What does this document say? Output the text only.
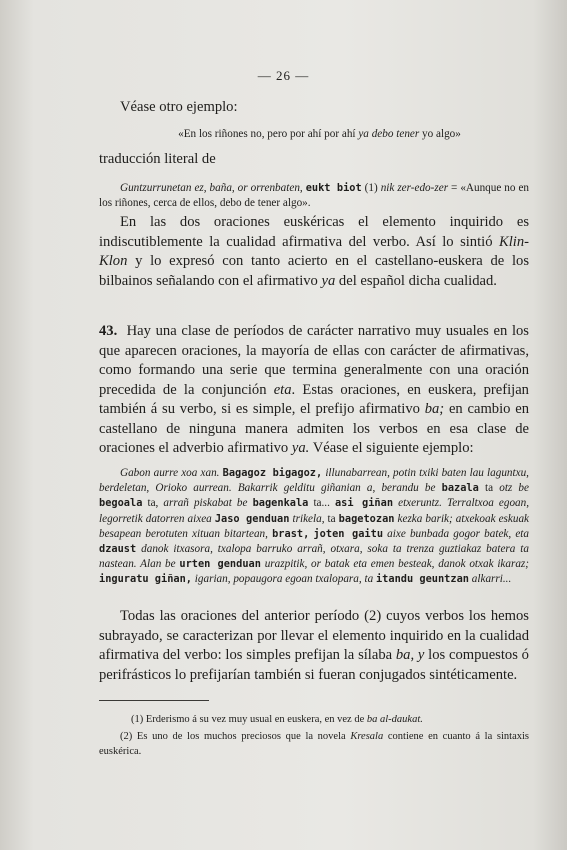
— 26 —
Véase otro ejemplo:
«En los riñones no, pero por ahí por ahí ya debo tener yo algo»
traducción literal de
Guntzurrunetan ez, baña, or orrenbaten, eukt biot (1) nik zer-edo-zer = «Aunque no en los riñones, cerca de ellos, debo de tener algo».
En las dos oraciones euskéricas el elemento inquirido es indiscutiblemente la cualidad afirmativa del verbo. Así lo sintió Klin-Klon y lo expresó con tanto acierto en el castellano-euskera de los bilbainos señalando con el afirmativo ya del español dicha cualidad.
43. Hay una clase de períodos de carácter narrativo muy usuales en los que aparecen oraciones, la mayoría de ellas con carácter de afirmativas, como formando una serie que termina generalmente con una oración precedida de la conjunción eta. Estas oraciones, en euskera, prefijan también á su verbo, si es simple, el prefijo afirmativo ba; en cambio en castellano de ninguna manera admiten los verbos en esa clase de oraciones el adverbio afirmativo ya. Véase el siguiente ejemplo:
Gabon aurre xoa xan. Bagagoz bigagoz, illunabarrean, potin txiki baten lau laguntxu, berdeletan, Orioko aurrean. Bakarrik gelditu giñanian a, berandu be bazala ta otz be begoala ta, arrañ piskabat be bagenkala ta... asi giñan etxeruntz. Terraltxoa egoan, legorretik datorren aixea Jaso genduan trikela, ta bagetozan kezka barik; atxekoak eskuak besapean berotuten xituan bitartean, brast, joten gaitu aixe bunbada gogor batek, eta dzaust danok itxasora, txalopa barruko arrañ, otxara, soka ta trenza guztiakaz batera ta nastean. Alan be urten genduan urazpitik, or batak eta emen besteak, danok otxak ikaraz; inguratu giñan, igarian, popaugora egoan txalopara, ta itandu geuntzan alkarri...
Todas las oraciones del anterior período (2) cuyos verbos los hemos subrayado, se caracterizan por llevar el elemento inquirido en la cualidad afirmativa del verbo: los simples prefijan la sílaba ba, y los compuestos ó perifrásticos lo prefijarían también si fueran conjugados sintéticamente.
(1) Erderismo á su vez muy usual en euskera, en vez de ba al-daukat.
(2) Es uno de los muchos preciosos que la novela Kresala contiene en cuanto á la sintaxis euskérica.
